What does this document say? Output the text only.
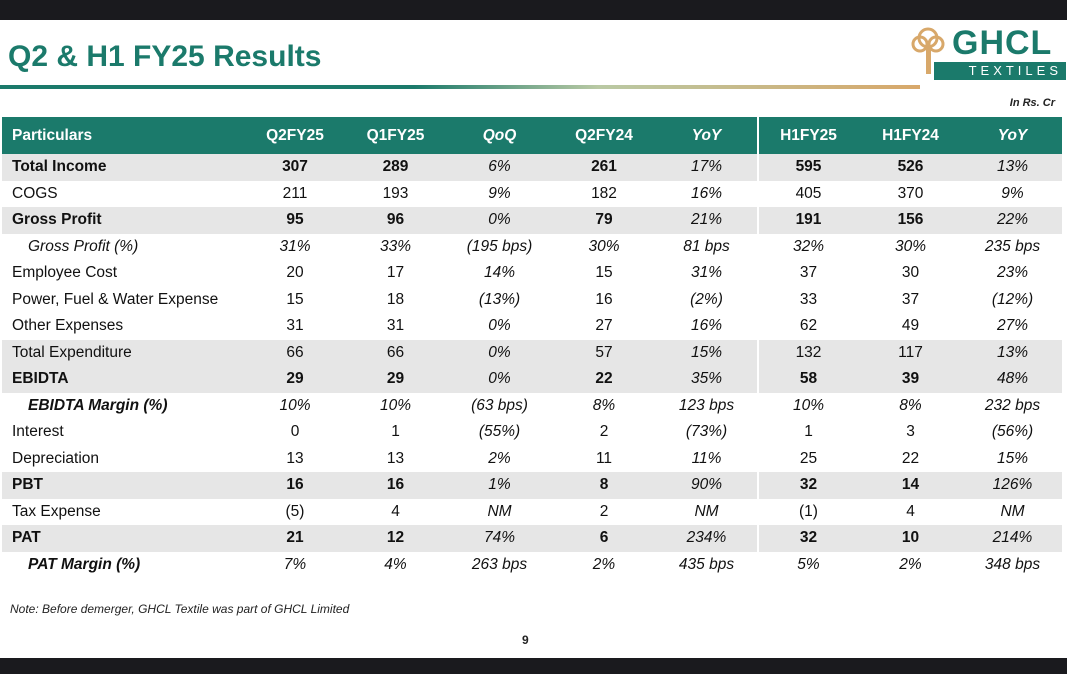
Q2 & H1 FY25 Results	GHCL
TEXTILES
In Rs. Cr
Particulars	Q2FY25	Q1FY25	QoQ	Q2FY24	YoY	H1FY25	H1FY24	YoY
Total Income	307	289	6%	261	17%	595	526	13%
COGS	211	193	9%	182	16%	405	370	9%
Gross Profit	95	96	0%	79	21%	191	156	22%
Gross Profit (%)	31%	33%	(195 bps)	30%	81 bps	32%	30%	235 bps
Employee Cost	20	17	14%	15	31%	37	30	23%
Power, Fuel & Water Expense	15	18	(13%)	16	(2%)	33	37	(12%)
Other Expenses	31	31	0%	27	16%	62	49	27%
Total Expenditure	66	66	0%	57	15%	132	117	13%
EBIDTA	29	29	0%	22	35%	58	39	48%
EBIDTA Margin (%)	10%	10%	(63 bps)	8%	123 bps	10%	8%	232 bps
Interest	0	1	(55%)	2	(73%)	1	3	(56%)
Depreciation	13	13	2%	11	11%	25	22	15%
PBT	16	16	1%	8	90%	32	14	126%
Tax Expense	(5)	4	NM	2	NM	(1)	4	NM
PAT	21	12	74%	6	234%	32	10	214%
PAT Margin (%)	7%	4%	263 bps	2%	435 bps	5%	2%	348 bps
Note: Before demerger, GHCL Textile was part of GHCL Limited
9
